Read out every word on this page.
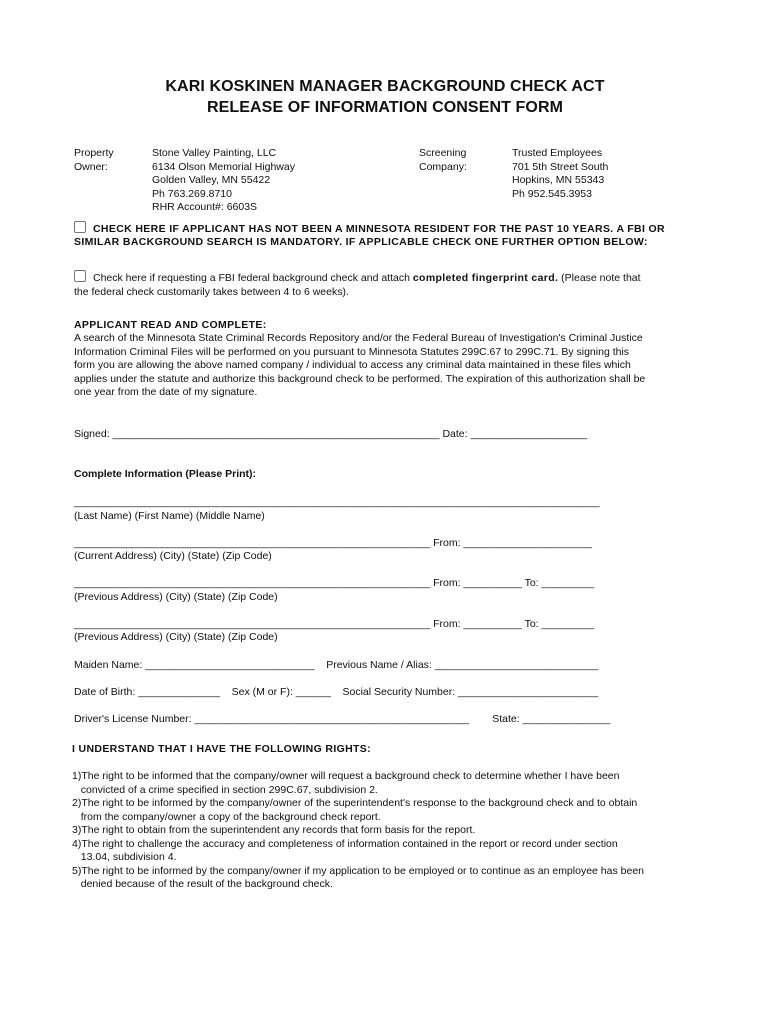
KARI KOSKINEN MANAGER BACKGROUND CHECK ACT
RELEASE OF INFORMATION CONSENT FORM
Property
Owner:
Stone Valley Painting, LLC
6134 Olson Memorial Highway
Golden Valley, MN 55422
Ph 763.269.8710
RHR Account#: 6603S
Screening
Company:
Trusted Employees
701 5th Street South
Hopkins, MN 55343
Ph 952.545.3953
CHECK HERE IF APPLICANT HAS NOT BEEN A MINNESOTA RESIDENT FOR THE PAST 10 YEARS. A FBI OR
SIMILAR BACKGROUND SEARCH IS MANDATORY. IF APPLICABLE CHECK ONE FURTHER OPTION BELOW:
Check here if requesting a FBI federal background check and attach completed fingerprint card. (Please note that
the federal check customarily takes between 4 to 6 weeks).
APPLICANT READ AND COMPLETE:
A search of the Minnesota State Criminal Records Repository and/or the Federal Bureau of Investigation's Criminal Justice
Information Criminal Files will be performed on you pursuant to Minnesota Statutes 299C.67 to 299C.71. By signing this
form you are allowing the above named company / individual to access any criminal data maintained in these files which
applies under the statute and authorize this background check to be performed. The expiration of this authorization shall be
one year from the date of my signature.
Signed: ________________________________________________________ Date: ____________________
Complete Information (Please Print):
__________________________________________________________________________________________
(Last Name) (First Name) (Middle Name)
_____________________________________________________________ From: ______________________
(Current Address) (City) (State) (Zip Code)
_____________________________________________________________ From: __________ To: _________
(Previous Address) (City) (State) (Zip Code)
_____________________________________________________________ From: __________ To: _________
(Previous Address) (City) (State) (Zip Code)
Maiden Name: _____________________________    Previous Name / Alias: ____________________________
Date of Birth: ______________    Sex (M or F): ______    Social Security Number: ________________________
Driver's License Number: _______________________________________________        State: _______________
I UNDERSTAND THAT I HAVE THE FOLLOWING RIGHTS:
1)The right to be informed that the company/owner will request a background check to determine whether I have been
convicted of a crime specified in section 299C.67, subdivision 2.
2)The right to be informed by the company/owner of the superintendent's response to the background check and to obtain
from the company/owner a copy of the background check report.
3)The right to obtain from the superintendent any records that form basis for the report.
4)The right to challenge the accuracy and completeness of information contained in the report or record under section
13.04, subdivision 4.
5)The right to be informed by the company/owner if my application to be employed or to continue as an employee has been
denied because of the result of the background check.
